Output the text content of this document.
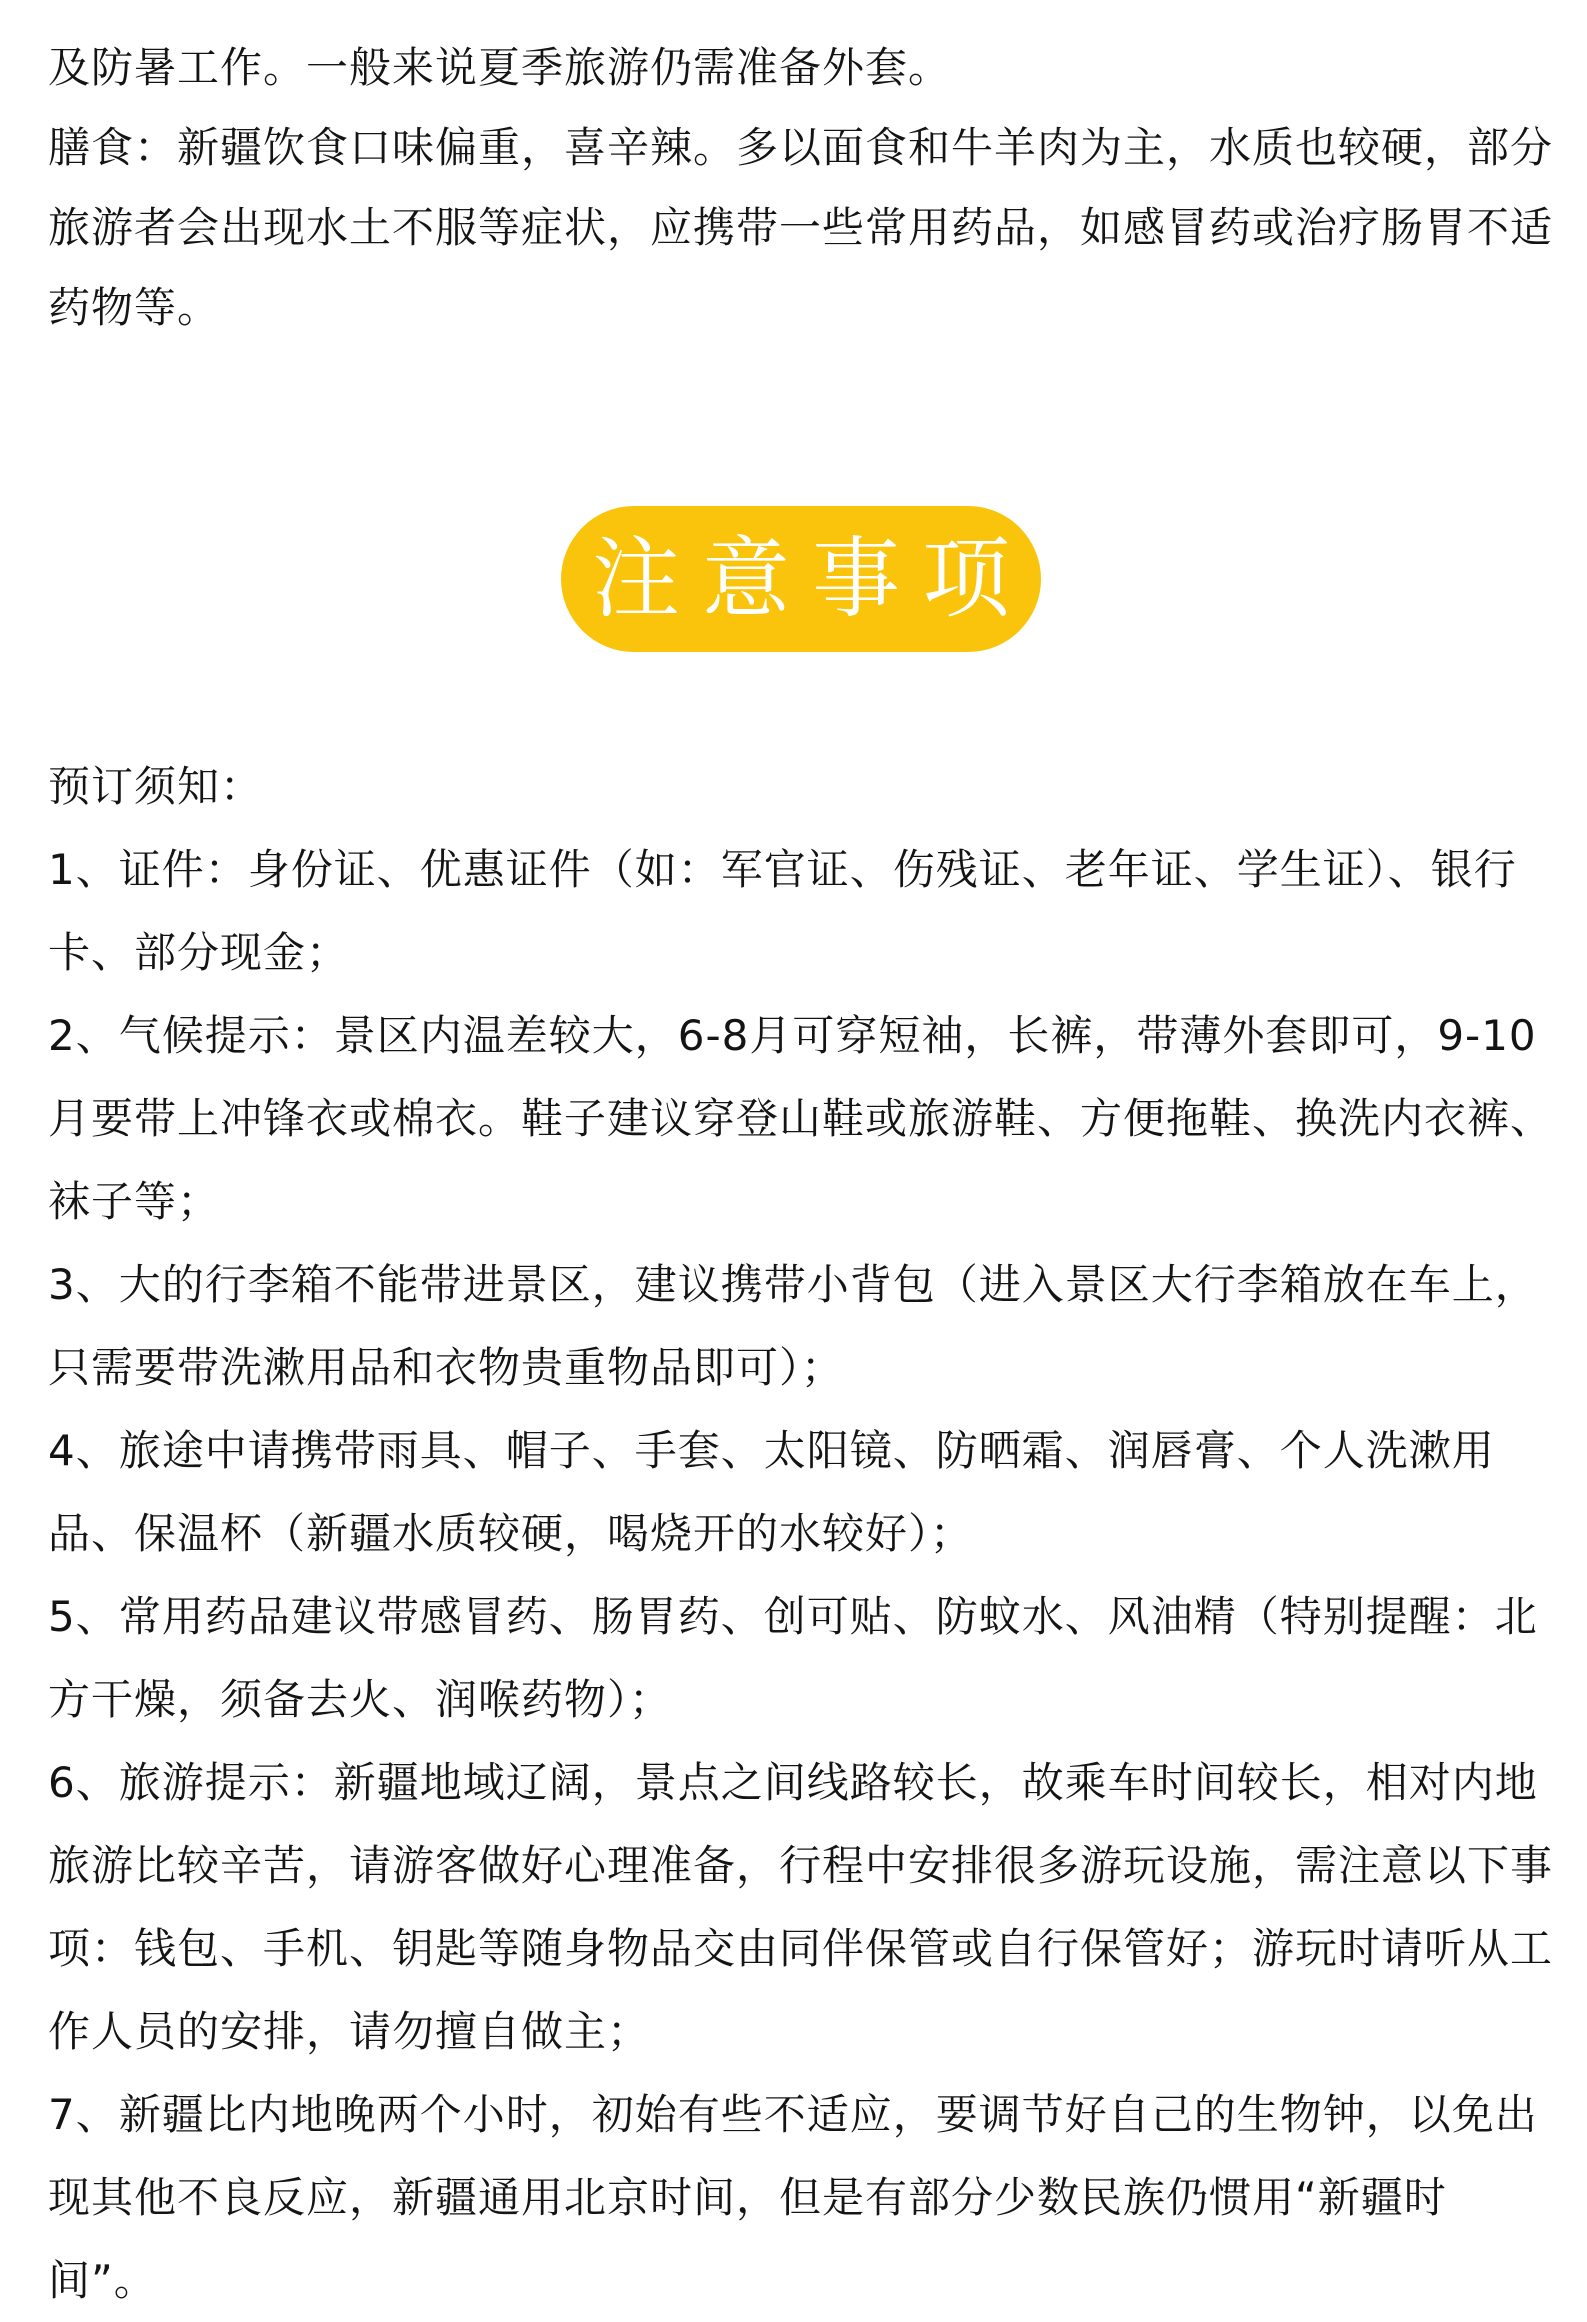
及防暑工作。一般来说夏季旅游仍需准备外套。

膳食：新疆饮食口味偏重，喜辛辣。多以面食和牛羊肉为主，水质也较硬，部分旅游者会出现水土不服等症状，应携带一些常用药品，如感冒药或治疗肠胃不适药物等。

注意事项

预订须知：

1、证件：身份证、优惠证件（如：军官证、伤残证、老年证、学生证）、银行卡、部分现金；

2、气候提示：景区内温差较大，6-8月可穿短袖，长裤，带薄外套即可，9-10月要带上冲锋衣或棉衣。鞋子建议穿登山鞋或旅游鞋、方便拖鞋、换洗内衣裤、袜子等；

3、大的行李箱不能带进景区，建议携带小背包（进入景区大行李箱放在车上，只需要带洗漱用品和衣物贵重物品即可）；

4、旅途中请携带雨具、帽子、手套、太阳镜、防晒霜、润唇膏、个人洗漱用品、保温杯（新疆水质较硬，喝烧开的水较好）；

5、常用药品建议带感冒药、肠胃药、创可贴、防蚊水、风油精（特别提醒：北方干燥，须备去火、润喉药物）；

6、旅游提示：新疆地域辽阔，景点之间线路较长，故乘车时间较长，相对内地旅游比较辛苦，请游客做好心理准备，行程中安排很多游玩设施，需注意以下事项：钱包、手机、钥匙等随身物品交由同伴保管或自行保管好；游玩时请听从工作人员的安排，请勿擅自做主；

7、新疆比内地晚两个小时，初始有些不适应，要调节好自己的生物钟，以免出现其他不良反应，新疆通用北京时间，但是有部分少数民族仍惯用“新疆时间”。
